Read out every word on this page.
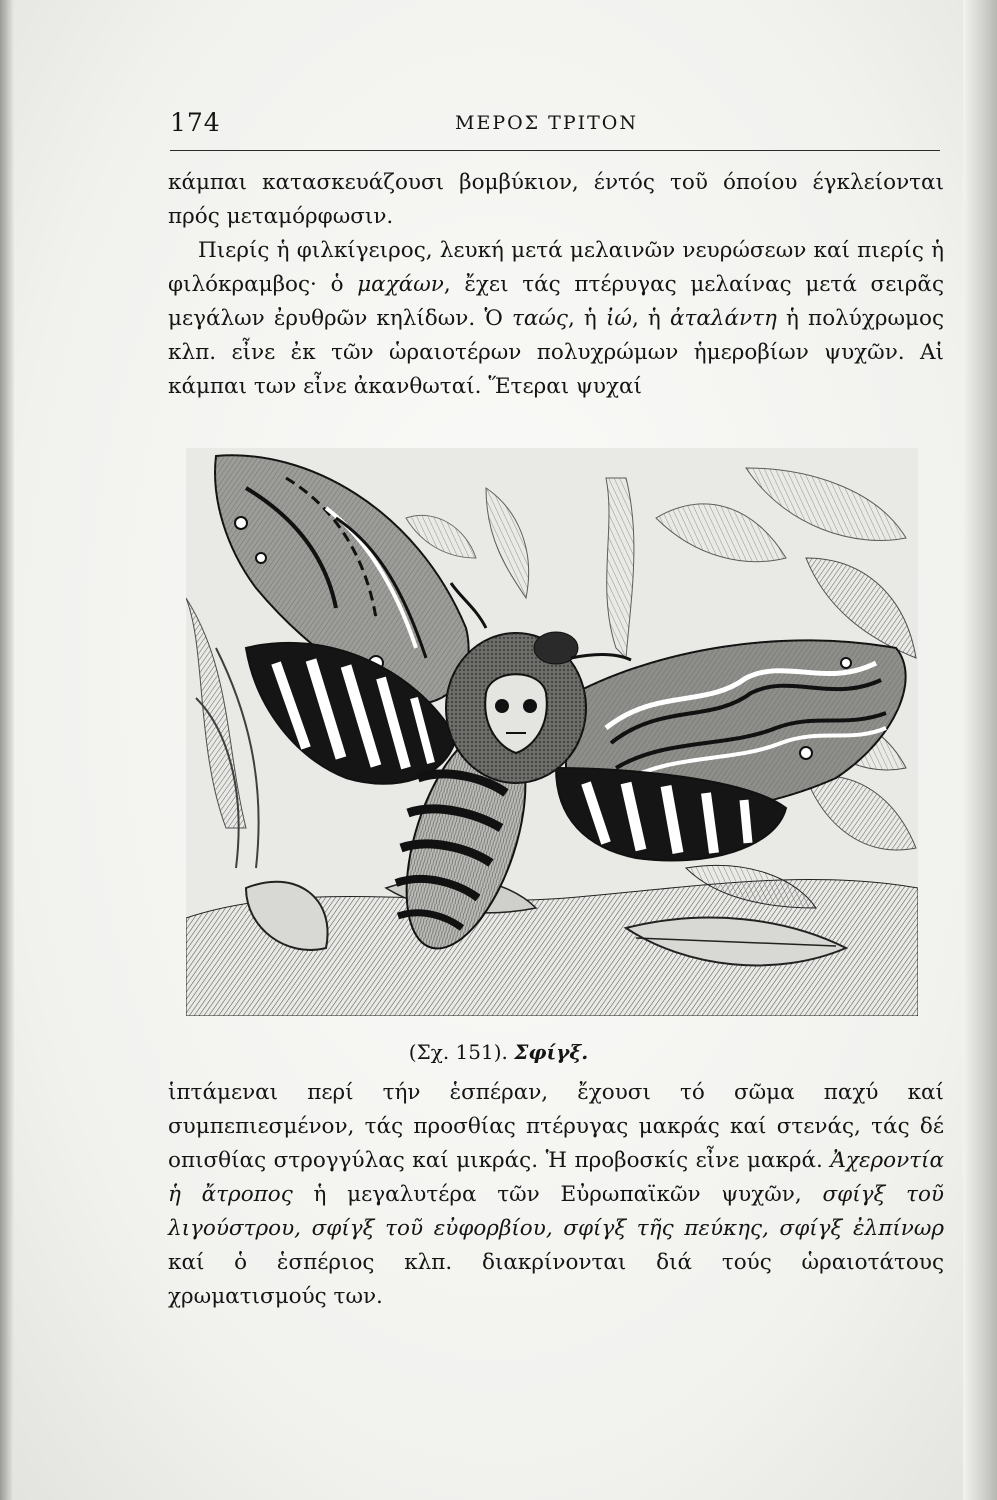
174	ΜΕΡΟΣ ΤΡΙΤΟΝ

κάμπαι κατασκευάζουσι βομβύκιον, έντός τοῦ όποίου έγκλείονται πρός μεταμόρφωσιν.

Πιερίς ἡ φιλκίγειρος, λευκή μετά μελαινῶν νευρώσεων καί πιερίς ἡ φιλόκραμβος· ὁ μαχάων, ἔχει τάς πτέρυγας μελαίνας μετά σειρᾶς μεγάλων ἐρυθρῶν κηλίδων. Ὁ ταώς, ἡ ἰώ, ἡ ἀταλάντη ἡ πολύχρωμος κλπ. εἶνε ἐκ τῶν ὡραιοτέρων πολυχρώμων ἡμεροβίων ψυχῶν. Αἱ κάμπαι των εἶνε ἀκανθωταί. Ἕτεραι ψυχαί

(Σχ. 151). Σφίγξ.

ἱπτάμεναι περί τήν ἑσπέραν, ἔχουσι τό σῶμα παχύ καί συμπεπιεσμένον, τάς προσθίας πτέρυγας μακράς καί στενάς, τάς δέ οπισθίας στρογγύλας καί μικράς. Ἡ προβοσκίς εἶνε μακρά. Ἀχεροντία ἡ ἄτροπος ἡ μεγαλυτέρα τῶν Εὐρωπαϊκῶν ψυχῶν, σφίγξ τοῦ λιγούστρου, σφίγξ τοῦ εὐφορβίου, σφίγξ τῆς πεύκης, σφίγξ ἐλπίνωρ καί ὁ ἑσπέριος κλπ. διακρίνονται διά τούς ὡραιοτάτους χρωματισμούς των.
